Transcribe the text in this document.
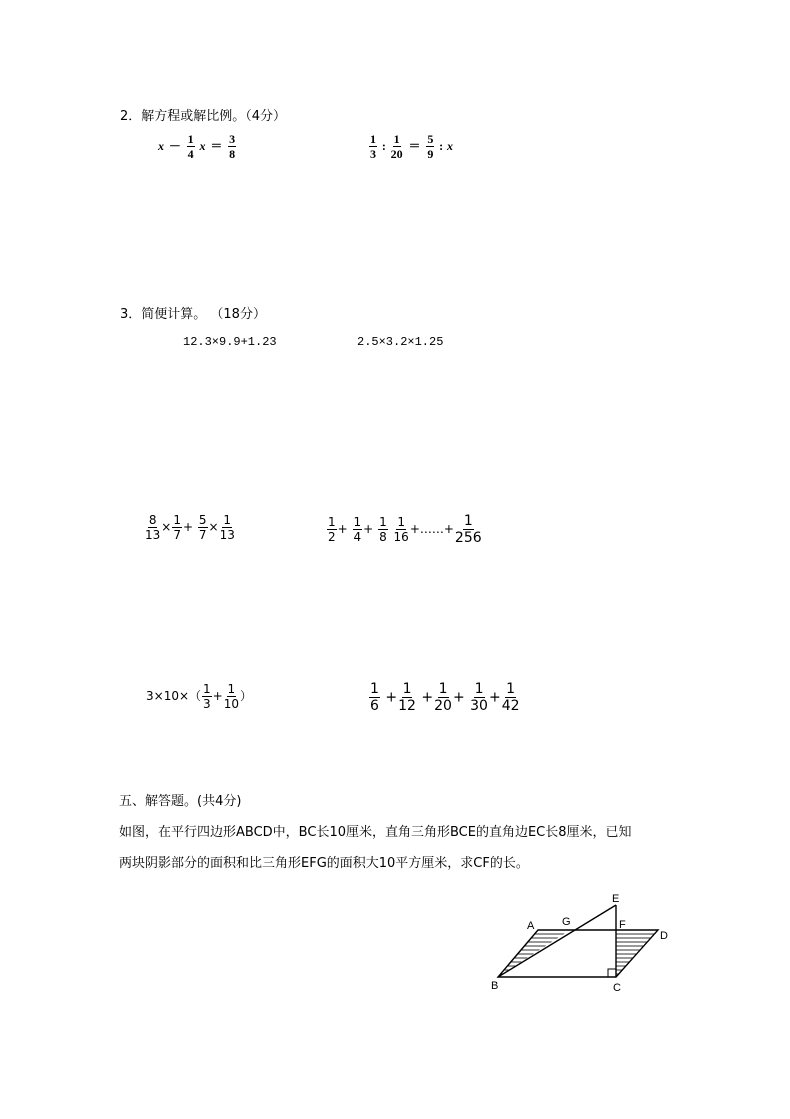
2．解方程或解比例。（4分）
$x - \frac{1}{4}$ $x = \frac{3}{8}$	$\frac{1}{3}$ : $\frac{1}{20} = \frac{5}{9}$ : x
3．简便计算。 （18分）
12.3×9.9+1.23	2.5×3.2×1.25
$\frac{8}{13} \times \frac{1}{7} + \frac{5}{7} \times \frac{1}{13}$	$\frac{1}{2} + \frac{1}{4} + \frac{1}{8}$
$\frac{1}{16}$ +……+ $\frac{1}{256}$
$3\times 10\times( \frac{1}{3} + \frac{1}{10}$ ）	$\frac{1}{6} + \frac{1}{12} + \frac{1}{20} + \frac{1}{30} + \frac{1}{42}$
五、解答题。(共4分)
如图，在平行四边形ABCD中，BC长10厘米，直角三角形BCE的直角边EC长8厘米，已知
两块阴影部分的面积和比三角形EFG的面积大10平方厘米，求CF的长。
A	G
E
F
D
B	C
